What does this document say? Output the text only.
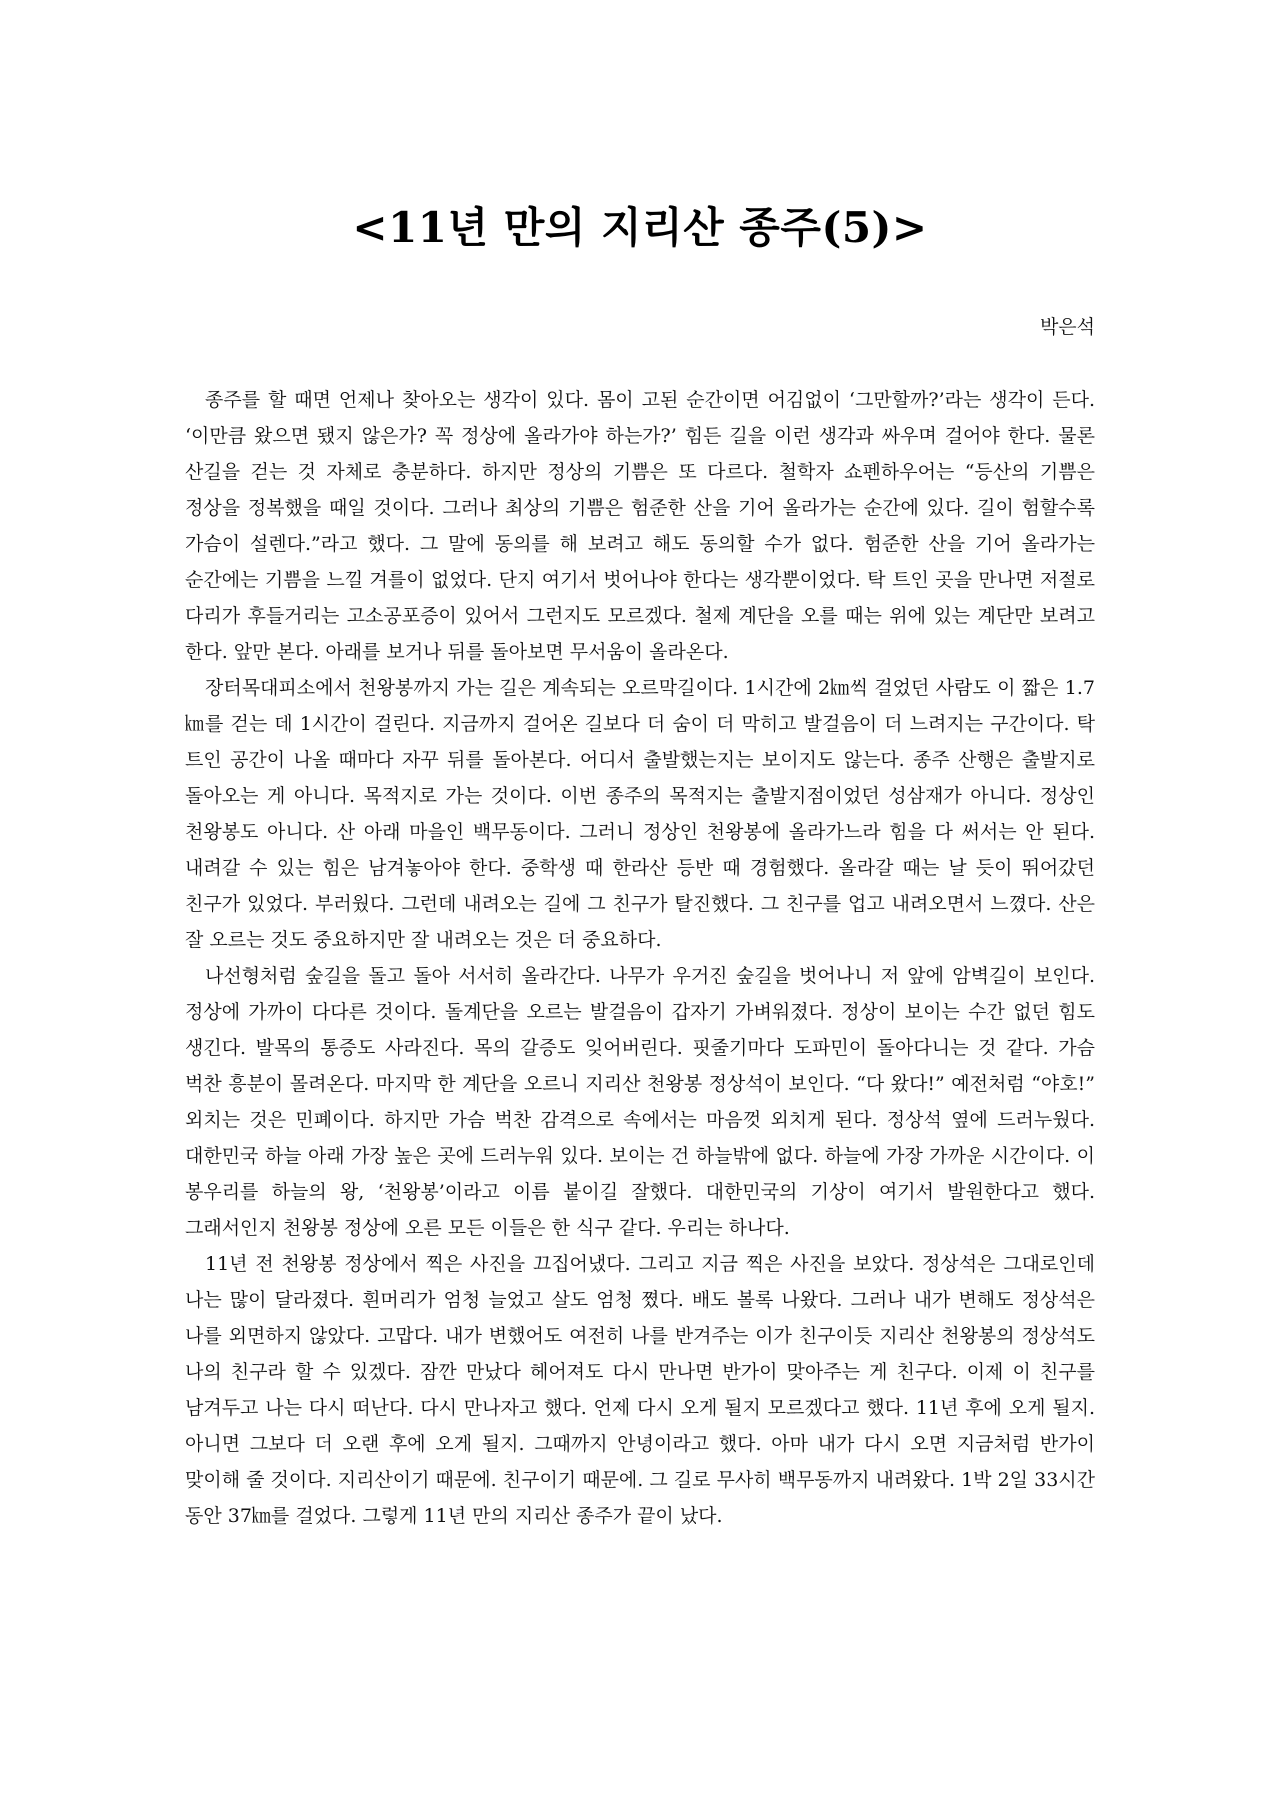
<11년 만의 지리산 종주(5)>

박은석

종주를 할 때면 언제나 찾아오는 생각이 있다. 몸이 고된 순간이면 어김없이 ‘그만할까?’라는 생각이 든다. ‘이만큼 왔으면 됐지 않은가? 꼭 정상에 올라가야 하는가?’ 힘든 길을 이런 생각과 싸우며 걸어야 한다. 물론 산길을 걷는 것 자체로 충분하다. 하지만 정상의 기쁨은 또 다르다. 철학자 쇼펜하우어는 “등산의 기쁨은 정상을 정복했을 때일 것이다. 그러나 최상의 기쁨은 험준한 산을 기어 올라가는 순간에 있다. 길이 험할수록 가슴이 설렌다.”라고 했다. 그 말에 동의를 해 보려고 해도 동의할 수가 없다. 험준한 산을 기어 올라가는 순간에는 기쁨을 느낄 겨를이 없었다. 단지 여기서 벗어나야 한다는 생각뿐이었다. 탁 트인 곳을 만나면 저절로 다리가 후들거리는 고소공포증이 있어서 그런지도 모르겠다. 철제 계단을 오를 때는 위에 있는 계단만 보려고 한다. 앞만 본다. 아래를 보거나 뒤를 돌아보면 무서움이 올라온다.

장터목대피소에서 천왕봉까지 가는 길은 계속되는 오르막길이다. 1시간에 2㎞씩 걸었던 사람도 이 짧은 1.7㎞를 걷는 데 1시간이 걸린다. 지금까지 걸어온 길보다 더 숨이 더 막히고 발걸음이 더 느려지는 구간이다. 탁 트인 공간이 나올 때마다 자꾸 뒤를 돌아본다. 어디서 출발했는지는 보이지도 않는다. 종주 산행은 출발지로 돌아오는 게 아니다. 목적지로 가는 것이다. 이번 종주의 목적지는 출발지점이었던 성삼재가 아니다. 정상인 천왕봉도 아니다. 산 아래 마을인 백무동이다. 그러니 정상인 천왕봉에 올라가느라 힘을 다 써서는 안 된다. 내려갈 수 있는 힘은 남겨놓아야 한다. 중학생 때 한라산 등반 때 경험했다. 올라갈 때는 날 듯이 뛰어갔던 친구가 있었다. 부러웠다. 그런데 내려오는 길에 그 친구가 탈진했다. 그 친구를 업고 내려오면서 느꼈다. 산은 잘 오르는 것도 중요하지만 잘 내려오는 것은 더 중요하다.

나선형처럼 숲길을 돌고 돌아 서서히 올라간다. 나무가 우거진 숲길을 벗어나니 저 앞에 암벽길이 보인다. 정상에 가까이 다다른 것이다. 돌계단을 오르는 발걸음이 갑자기 가벼워졌다. 정상이 보이는 수간 없던 힘도 생긴다. 발목의 통증도 사라진다. 목의 갈증도 잊어버린다. 핏줄기마다 도파민이 돌아다니는 것 같다. 가슴 벅찬 흥분이 몰려온다. 마지막 한 계단을 오르니 지리산 천왕봉 정상석이 보인다. “다 왔다!” 예전처럼 “야호!” 외치는 것은 민폐이다. 하지만 가슴 벅찬 감격으로 속에서는 마음껏 외치게 된다. 정상석 옆에 드러누웠다. 대한민국 하늘 아래 가장 높은 곳에 드러누워 있다. 보이는 건 하늘밖에 없다. 하늘에 가장 가까운 시간이다. 이 봉우리를 하늘의 왕, ‘천왕봉’이라고 이름 붙이길 잘했다. 대한민국의 기상이 여기서 발원한다고 했다. 그래서인지 천왕봉 정상에 오른 모든 이들은 한 식구 같다. 우리는 하나다.

11년 전 천왕봉 정상에서 찍은 사진을 끄집어냈다. 그리고 지금 찍은 사진을 보았다. 정상석은 그대로인데 나는 많이 달라졌다. 흰머리가 엄청 늘었고 살도 엄청 쪘다. 배도 볼록 나왔다. 그러나 내가 변해도 정상석은 나를 외면하지 않았다. 고맙다. 내가 변했어도 여전히 나를 반겨주는 이가 친구이듯 지리산 천왕봉의 정상석도 나의 친구라 할 수 있겠다. 잠깐 만났다 헤어져도 다시 만나면 반가이 맞아주는 게 친구다. 이제 이 친구를 남겨두고 나는 다시 떠난다. 다시 만나자고 했다. 언제 다시 오게 될지 모르겠다고 했다. 11년 후에 오게 될지. 아니면 그보다 더 오랜 후에 오게 될지. 그때까지 안녕이라고 했다. 아마 내가 다시 오면 지금처럼 반가이 맞이해 줄 것이다. 지리산이기 때문에. 친구이기 때문에. 그 길로 무사히 백무동까지 내려왔다. 1박 2일 33시간 동안 37㎞를 걸었다. 그렇게 11년 만의 지리산 종주가 끝이 났다.
